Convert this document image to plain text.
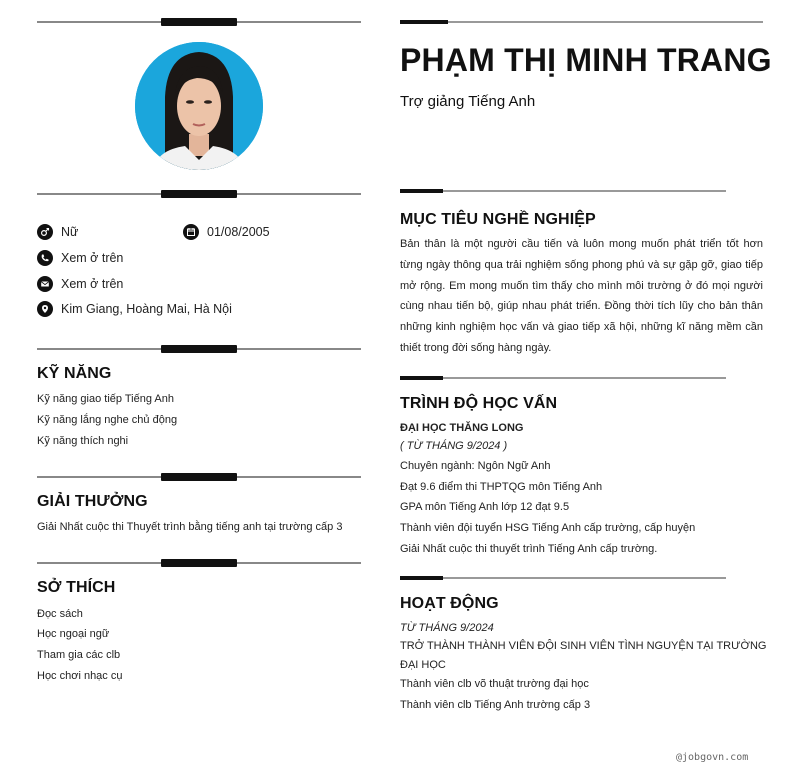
Nữ	01/08/2005
Xem ở trên
Xem ở trên
Kim Giang, Hoàng Mai, Hà Nội
KỸ NĂNG
Kỹ năng giao tiếp Tiếng Anh
Kỹ năng lắng nghe chủ động
Kỹ năng thích nghi
GIẢI THƯỞNG
Giải Nhất cuộc thi Thuyết trình bằng tiếng anh tại trường cấp 3
SỞ THÍCH
Đọc sách
Học ngoại ngữ
Tham gia các clb
Học chơi nhạc cụ
PHẠM THỊ MINH TRANG
Trợ giảng Tiếng Anh
MỤC TIÊU NGHỀ NGHIỆP
Bản thân là một người cầu tiến và luôn mong muốn phát triển tốt hơn từng ngày thông qua trải nghiệm sống phong phú và sự gặp gỡ, giao tiếp mở rộng. Em mong muốn tìm thấy cho mình môi trường ở đó mọi người cùng nhau tiến bộ, giúp nhau phát triển. Đồng thời tích lũy cho bản thân những kinh nghiệm học vấn và giao tiếp xã hội, những kĩ năng mềm cần thiết trong đời sống hàng ngày.
TRÌNH ĐỘ HỌC VẤN
ĐẠI HỌC THĂNG LONG
( TỪ THÁNG 9/2024 )
Chuyên ngành: Ngôn Ngữ Anh
Đạt 9.6 điểm thi THPTQG môn Tiếng Anh
GPA môn Tiếng Anh lớp 12 đạt 9.5
Thành viên đội tuyển HSG Tiếng Anh cấp trường, cấp huyện
Giải Nhất cuộc thi thuyết trình Tiếng Anh cấp trường.
HOẠT ĐỘNG
TỪ THÁNG 9/2024
TRỞ THÀNH THÀNH VIÊN ĐỘI SINH VIÊN TÌNH NGUYỆN TẠI TRƯỜNG
ĐẠI HỌC
Thành viên clb võ thuật trường đại học
Thành viên clb Tiếng Anh trường cấp 3
@jobgovn.com
